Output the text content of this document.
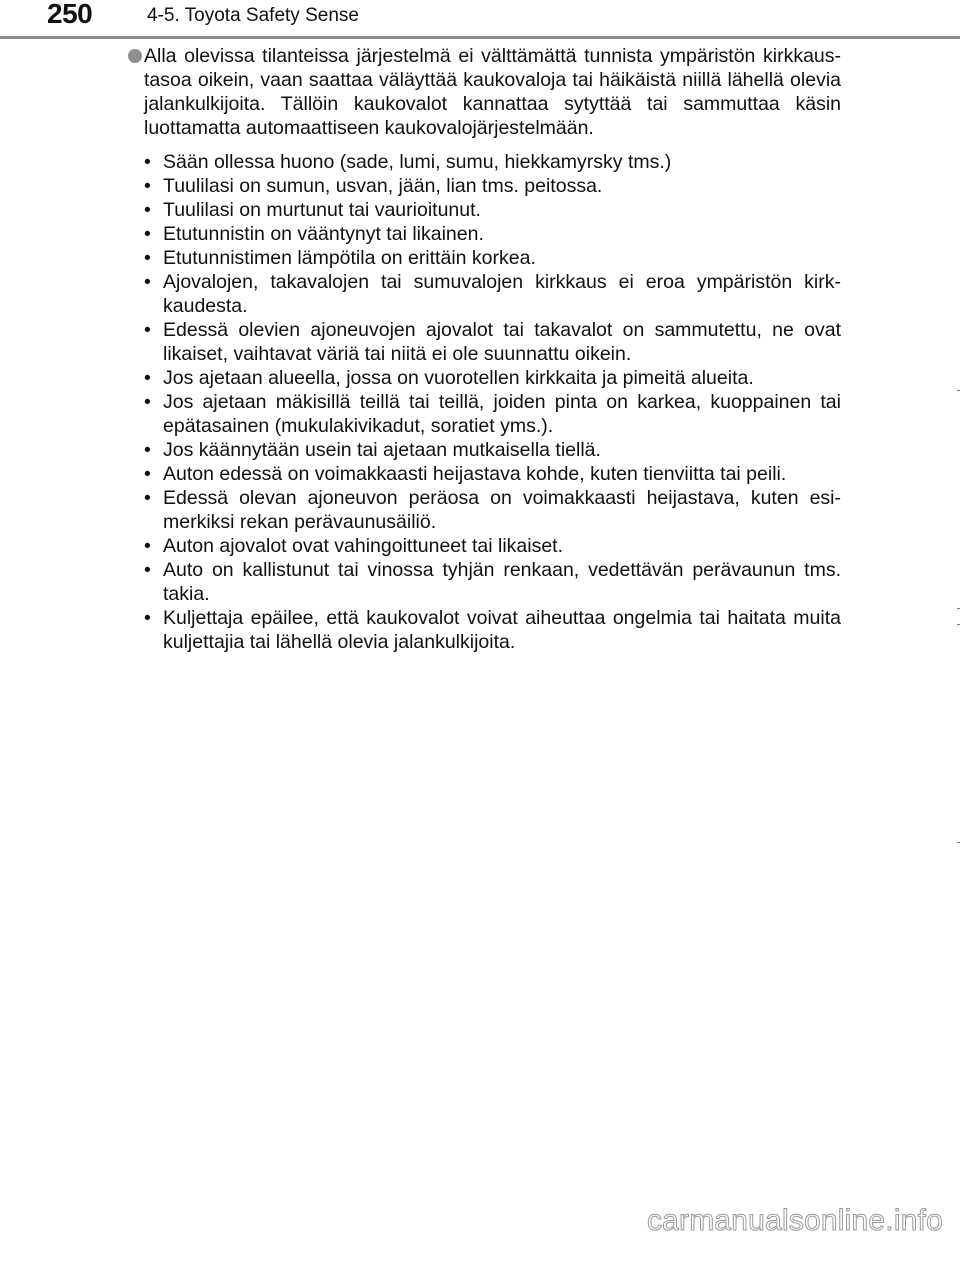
250	4-5. Toyota Safety Sense

Alla olevissa tilanteissa järjestelmä ei välttämättä tunnista ympäristön kirkkaus-tasoa oikein, vaan saattaa väläyttää kaukovaloja tai häikäistä niillä lähellä olevia jalankulkijoita. Tällöin kaukovalot kannattaa sytyttää tai sammuttaa käsin luottamatta automaattiseen kaukovalojärjestelmään.

• Sään ollessa huono (sade, lumi, sumu, hiekkamyrsky tms.)
• Tuulilasi on sumun, usvan, jään, lian tms. peitossa.
• Tuulilasi on murtunut tai vaurioitunut.
• Etutunnistin on vääntynyt tai likainen.
• Etutunnistimen lämpötila on erittäin korkea.
• Ajovalojen, takavalojen tai sumuvalojen kirkkaus ei eroa ympäristön kirk-kaudesta.
• Edessä olevien ajoneuvojen ajovalot tai takavalot on sammutettu, ne ovat likaiset, vaihtavat väriä tai niitä ei ole suunnattu oikein.
• Jos ajetaan alueella, jossa on vuorotellen kirkkaita ja pimeitä alueita.
• Jos ajetaan mäkisillä teillä tai teillä, joiden pinta on karkea, kuoppainen tai epätasainen (mukulakivikadut, soratiet yms.).
• Jos käännytään usein tai ajetaan mutkaisella tiellä.
• Auton edessä on voimakkaasti heijastava kohde, kuten tienviitta tai peili.
• Edessä olevan ajoneuvon peräosa on voimakkaasti heijastava, kuten esi-merkiksi rekan perävaunusäiliö.
• Auton ajovalot ovat vahingoittuneet tai likaiset.
• Auto on kallistunut tai vinossa tyhjän renkaan, vedettävän perävaunun tms. takia.
• Kuljettaja epäilee, että kaukovalot voivat aiheuttaa ongelmia tai haitata muita kuljettajia tai lähellä olevia jalankulkijoita.
carmanualsonline.info
